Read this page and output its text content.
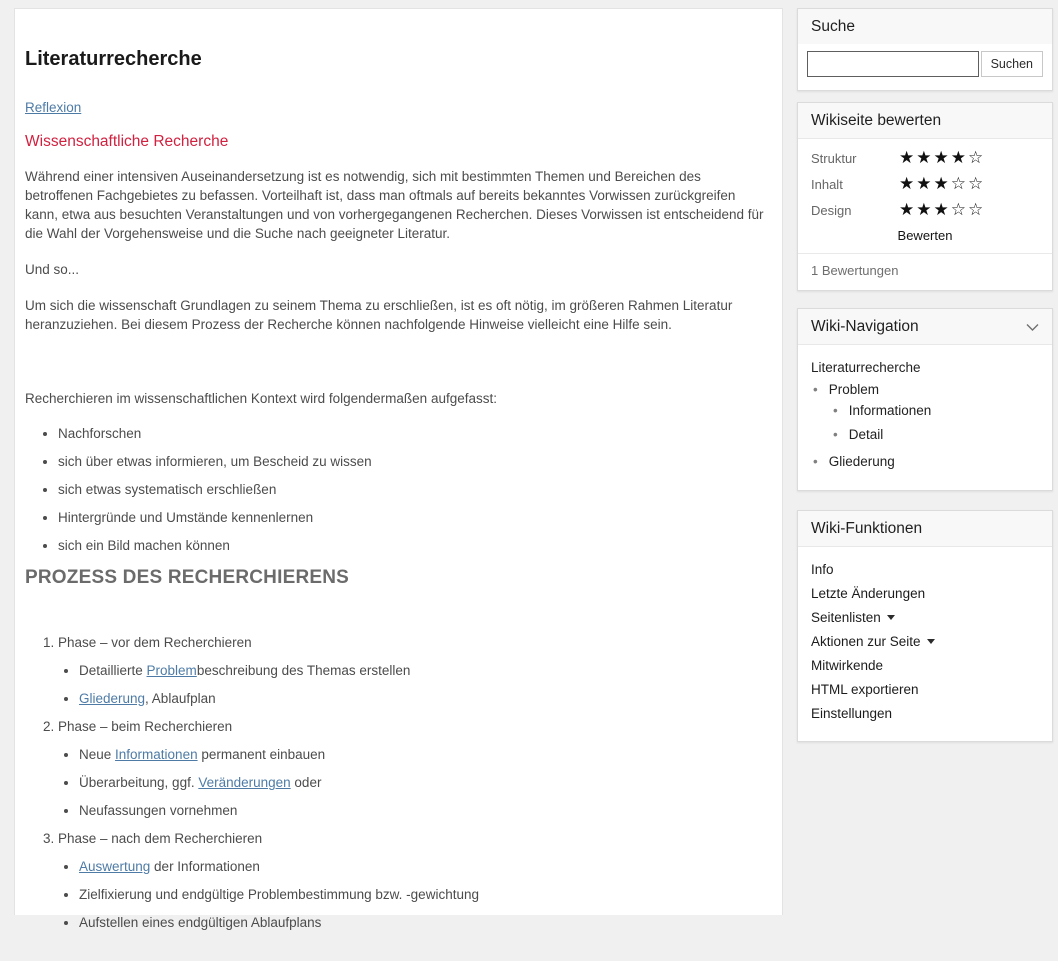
Literaturrecherche
Reflexion
Wissenschaftliche Recherche

Während einer intensiven Auseinandersetzung ist es notwendig, sich mit bestimmten Themen und Bereichen des betroffenen Fachgebietes zu befassen. Vorteilhaft ist, dass man oftmals auf bereits bekanntes Vorwissen zurückgreifen kann, etwa aus besuchten Veranstaltungen und von vorhergegangenen Recherchen. Dieses Vorwissen ist entscheidend für die Wahl der Vorgehensweise und die Suche nach geeigneter Literatur.

Und so...

Um sich die wissenschaft Grundlagen zu seinem Thema zu erschließen, ist es oft nötig, im größeren Rahmen Literatur heranzuziehen. Bei diesem Prozess der Recherche können nachfolgende Hinweise vielleicht eine Hilfe sein.

Recherchieren im wissenschaftlichen Kontext wird folgendermaßen aufgefasst:

• Nachforschen
• sich über etwas informieren, um Bescheid zu wissen
• sich etwas systematisch erschließen
• Hintergründe und Umstände kennenlernen
• sich ein Bild machen können
PROZESS DES RECHERCHIERENS
1. Phase – vor dem Recherchieren
• Detaillierte Problembeschreibung des Themas erstellen
• Gliederung, Ablaufplan
2. Phase – beim Recherchieren
• Neue Informationen permanent einbauen
• Überarbeitung, ggf. Veränderungen oder
• Neufassungen vornehmen
3. Phase – nach dem Recherchieren
• Auswertung der Informationen
• Zielfixierung und endgültige Problembestimmung bzw. -gewichtung
• Aufstellen eines endgültigen Ablaufplans
Suche
Suchen
Wikiseite bewerten
Struktur	★★★★☆
Inhalt	★★★☆☆
Design	★★★☆☆
Bewerten
1 Bewertungen
Wiki-Navigation
Literaturrecherche
• Problem
• Informationen
• Detail
• Gliederung
Wiki-Funktionen
Info
Letzte Änderungen
Seitenlisten
Aktionen zur Seite
Mitwirkende
HTML exportieren
Einstellungen
